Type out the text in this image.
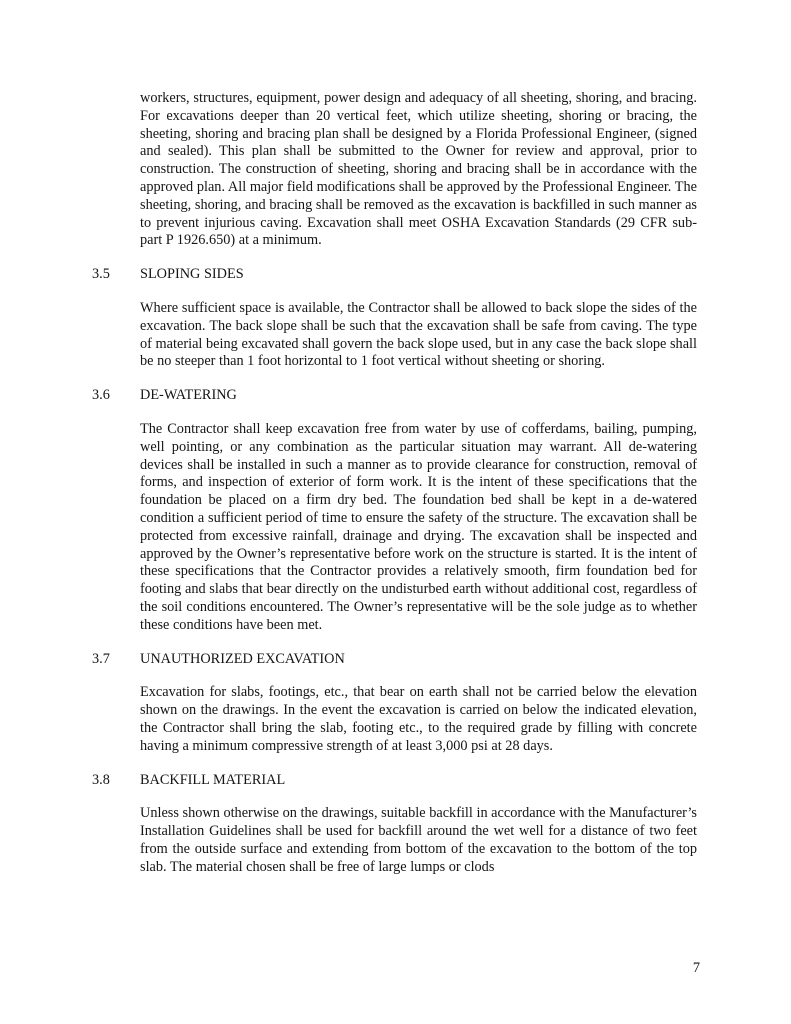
workers, structures, equipment, power design and adequacy of all sheeting, shoring, and bracing. For excavations deeper than 20 vertical feet, which utilize sheeting, shoring or bracing, the sheeting, shoring and bracing plan shall be designed by a Florida Professional Engineer, (signed and sealed). This plan shall be submitted to the Owner for review and approval, prior to construction. The construction of sheeting, shoring and bracing shall be in accordance with the approved plan. All major field modifications shall be approved by the Professional Engineer. The sheeting, shoring, and bracing shall be removed as the excavation is backfilled in such manner as to prevent injurious caving. Excavation shall meet OSHA Excavation Standards (29 CFR sub- part P 1926.650) at a minimum.

3.5	SLOPING SIDES

Where sufficient space is available, the Contractor shall be allowed to back slope the sides of the excavation. The back slope shall be such that the excavation shall be safe from caving. The type of material being excavated shall govern the back slope used, but in any case the back slope shall be no steeper than 1 foot horizontal to 1 foot vertical without sheeting or shoring.

3.6	DE-WATERING

The Contractor shall keep excavation free from water by use of cofferdams, bailing, pumping, well pointing, or any combination as the particular situation may warrant. All de-watering devices shall be installed in such a manner as to provide clearance for construction, removal of forms, and inspection of exterior of form work. It is the intent of these specifications that the foundation be placed on a firm dry bed. The foundation bed shall be kept in a de-watered condition a sufficient period of time to ensure the safety of the structure. The excavation shall be protected from excessive rainfall, drainage and drying. The excavation shall be inspected and approved by the Owner’s representative before work on the structure is started. It is the intent of these specifications that the Contractor provides a relatively smooth, firm foundation bed for footing and slabs that bear directly on the undisturbed earth without additional cost, regardless of the soil conditions encountered. The Owner’s representative will be the sole judge as to whether these conditions have been met.

3.7	UNAUTHORIZED EXCAVATION

Excavation for slabs, footings, etc., that bear on earth shall not be carried below the elevation shown on the drawings. In the event the excavation is carried on below the indicated elevation, the Contractor shall bring the slab, footing etc., to the required grade by filling with concrete having a minimum compressive strength of at least 3,000 psi at 28 days.

3.8	BACKFILL MATERIAL

Unless shown otherwise on the drawings, suitable backfill in accordance with the Manufacturer’s Installation Guidelines shall be used for backfill around the wet well for a distance of two feet from the outside surface and extending from bottom of the excavation to the bottom of the top slab. The material chosen shall be free of large lumps or clods

7
